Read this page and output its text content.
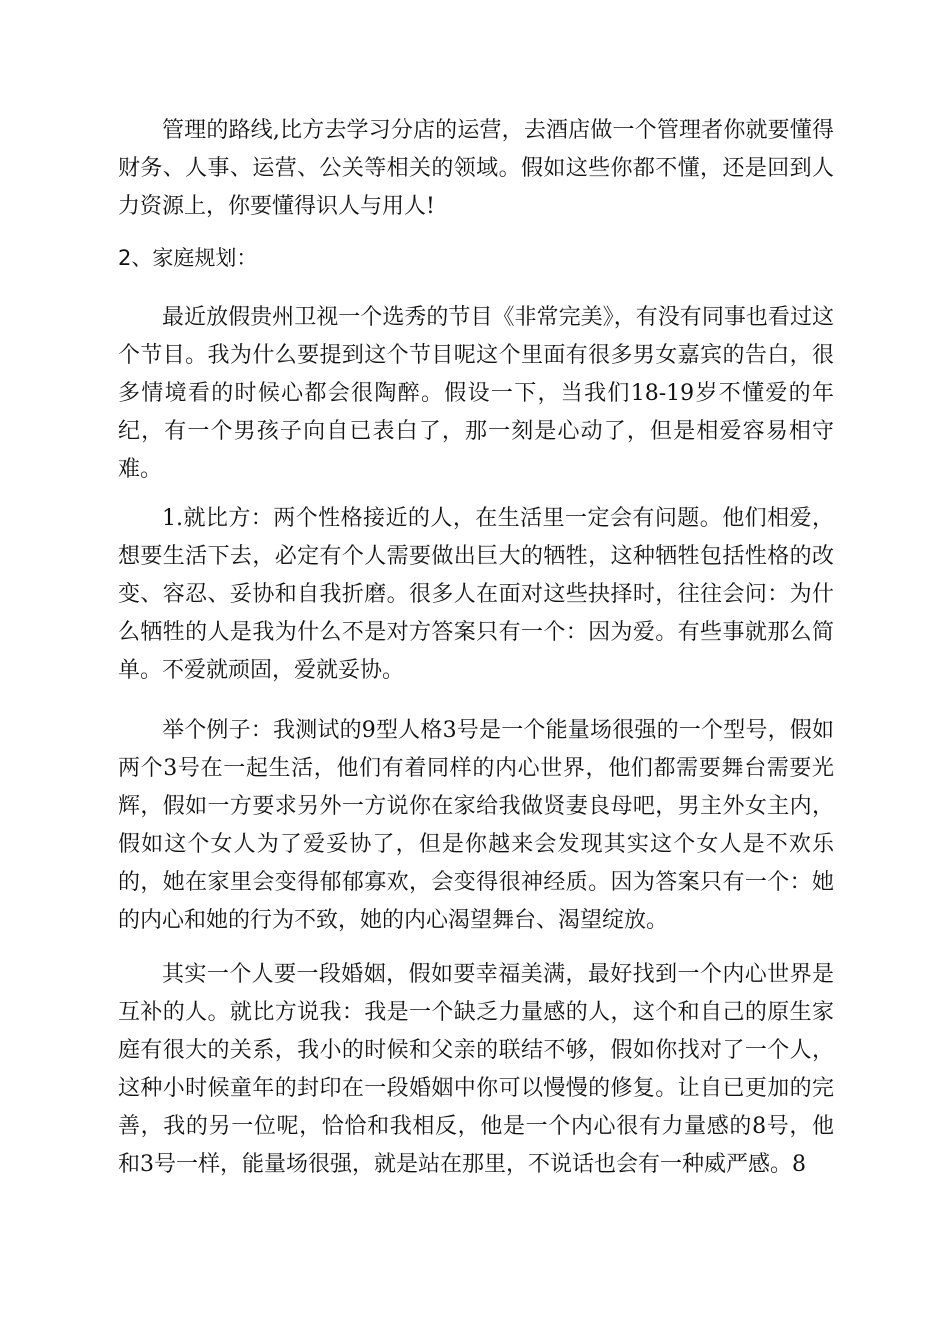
管理的路线,比方去学习分店的运营，去酒店做一个管理者你就要懂得财务、人事、运营、公关等相关的领域。假如这些你都不懂，还是回到人力资源上，你要懂得识人与用人!

2、家庭规划：

最近放假贵州卫视一个选秀的节目《非常完美》，有没有同事也看过这个节目。我为什么要提到这个节目呢这个里面有很多男女嘉宾的告白，很多情境看的时候心都会很陶醉。假设一下，当我们18-19岁不懂爱的年纪，有一个男孩子向自已表白了，那一刻是心动了，但是相爱容易相守难。

1.就比方：两个性格接近的人，在生活里一定会有问题。他们相爱，想要生活下去，必定有个人需要做出巨大的牺牲，这种牺牲包括性格的改变、容忍、妥协和自我折磨。很多人在面对这些抉择时，往往会问：为什么牺牲的人是我为什么不是对方答案只有一个：因为爱。有些事就那么简单。不爱就顽固，爱就妥协。

举个例子：我测试的9型人格3号是一个能量场很强的一个型号，假如两个3号在一起生活，他们有着同样的内心世界，他们都需要舞台需要光辉，假如一方要求另外一方说你在家给我做贤妻良母吧，男主外女主内，假如这个女人为了爱妥协了，但是你越来会发现其实这个女人是不欢乐的，她在家里会变得郁郁寡欢，会变得很神经质。因为答案只有一个：她的内心和她的行为不致，她的内心渴望舞台、渴望绽放。

其实一个人要一段婚姻，假如要幸福美满，最好找到一个内心世界是互补的人。就比方说我：我是一个缺乏力量感的人，这个和自己的原生家庭有很大的关系，我小的时候和父亲的联结不够，假如你找对了一个人，这种小时候童年的封印在一段婚姻中你可以慢慢的修复。让自已更加的完善，我的另一位呢，恰恰和我相反，他是一个内心很有力量感的8号，他和3号一样，能量场很强，就是站在那里，不说话也会有一种威严感。8
